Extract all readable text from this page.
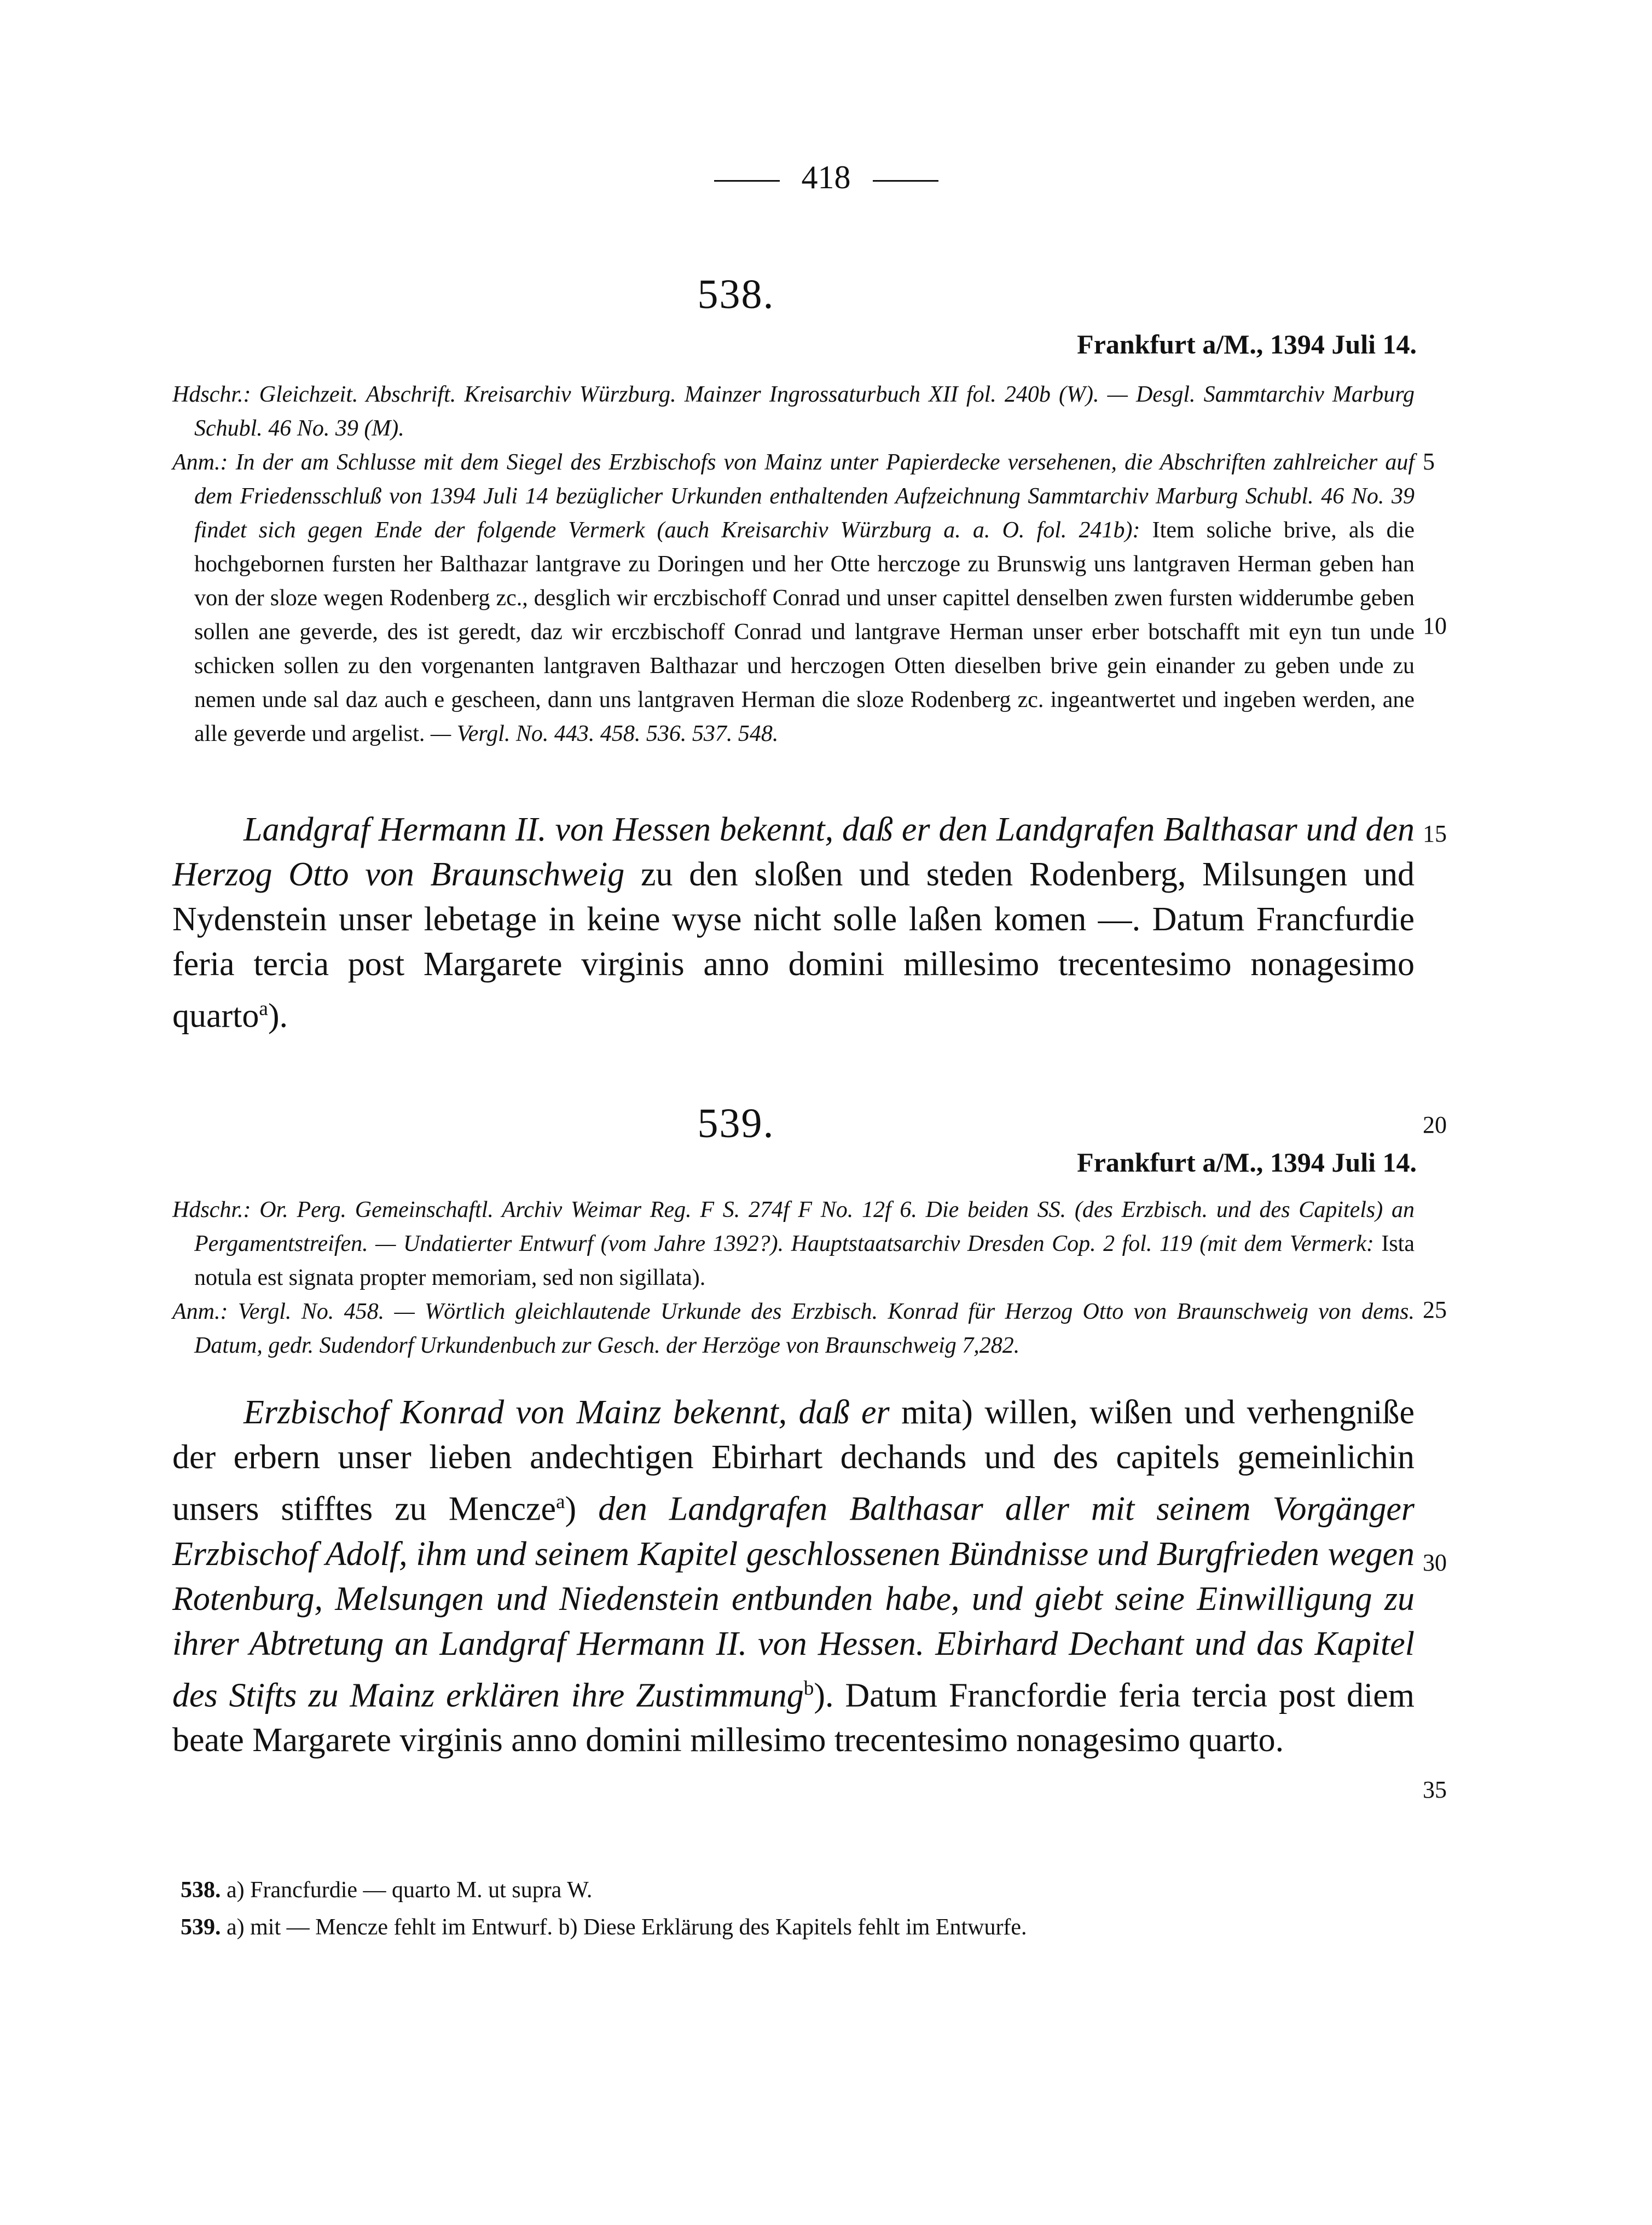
418
538.
Frankfurt a/M., 1394 Juli 14.

Hdschr.: Gleichzeit. Abschrift. Kreisarchiv Würzburg. Mainzer Ingrossaturbuch XII fol. 240b (W). — Desgl. Sammtarchiv Marburg Schubl. 46 No. 39 (M).

Anm.: In der am Schlusse mit dem Siegel des Erzbischofs von Mainz unter Papierdecke versehenen, die Abschriften zahlreicher auf dem Friedensschluß von 1394 Juli 14 bezüglicher Urkunden enthaltenden Aufzeichnung Sammtarchiv Marburg Schubl. 46 No. 39 findet sich gegen Ende der folgende Vermerk (auch Kreisarchiv Würzburg a. a. O. fol. 241b): Item soliche brive, als die hochgebornen fursten her Balthazar lantgrave zu Doringen und her Otte herczoge zu Brunswig uns lantgraven Herman geben han von der sloze wegen Rodenberg zc., desglich wir erczbischoff Conrad und unser capittel denselben zwen fursten widderumbe geben sollen ane geverde, des ist geredt, daz wir erczbischoff Conrad und lantgrave Herman unser erber botschafft mit eyn tun unde schicken sollen zu den vorgenanten lantgraven Balthazar und herczogen Otten dieselben brive gein einander zu geben unde zu nemen unde sal daz auch e gescheen, dann uns lantgraven Herman die sloze Rodenberg zc. ingeantwertet und ingeben werden, ane alle geverde und argelist. — Vergl. No. 443. 458. 536. 537. 548.

Landgraf Hermann II. von Hessen bekennt, daß er den Landgrafen Balthasar und den Herzog Otto von Braunschweig zu den sloßen und steden Rodenberg, Milsungen und Nydenstein unser lebetage in keine wyse nicht solle laßen komen —. Datum Francfurdie feria tercia post Margarete virginis anno domini millesimo trecentesimo nonagesimo quarto$^a$).
539.
Frankfurt a/M., 1394 Juli 14.

Hdschr.: Or. Perg. Gemeinschaftl. Archiv Weimar Reg. F S. 274f F No. 12f 6. Die beiden SS. (des Erzbisch. und des Capitels) an Pergamentstreifen. — Undatierter Entwurf (vom Jahre 1392?). Hauptstaatsarchiv Dresden Cop. 2 fol. 119 (mit dem Vermerk: Ista notula est signata propter memoriam, sed non sigillata).

Anm.: Vergl. No. 458. — Wörtlich gleichlautende Urkunde des Erzbisch. Konrad für Herzog Otto von Braunschweig von dems. Datum, gedr. Sudendorf Urkundenbuch zur Gesch. der Herzöge von Braunschweig 7,282.

Erzbischof Konrad von Mainz bekennt, daß er mita) willen, wißen und verhengniße der erbern unser lieben andechtigen Ebirhart dechands und des capitels gemeinlichin unsers stifftes zu Mencze$^a$) den Landgrafen Balthasar aller mit seinem Vorgänger Erzbischof Adolf, ihm und seinem Kapitel geschlossenen Bündnisse und Burgfrieden wegen Rotenburg, Melsungen und Niedenstein entbunden habe, und giebt seine Einwilligung zu ihrer Abtretung an Landgraf Hermann II. von Hessen. Ebirhard Dechant und das Kapitel des Stifts zu Mainz erklären ihre Zustimmung$^b$). Datum Francfordie feria tercia post diem beate Margarete virginis anno domini millesimo trecentesimo nonagesimo quarto.
5
10
15
20
25
30
35
538. a) Francfurdie — quarto M. ut supra W.
539. a) mit — Mencze fehlt im Entwurf. b) Diese Erklärung des Kapitels fehlt im Entwurfe.
